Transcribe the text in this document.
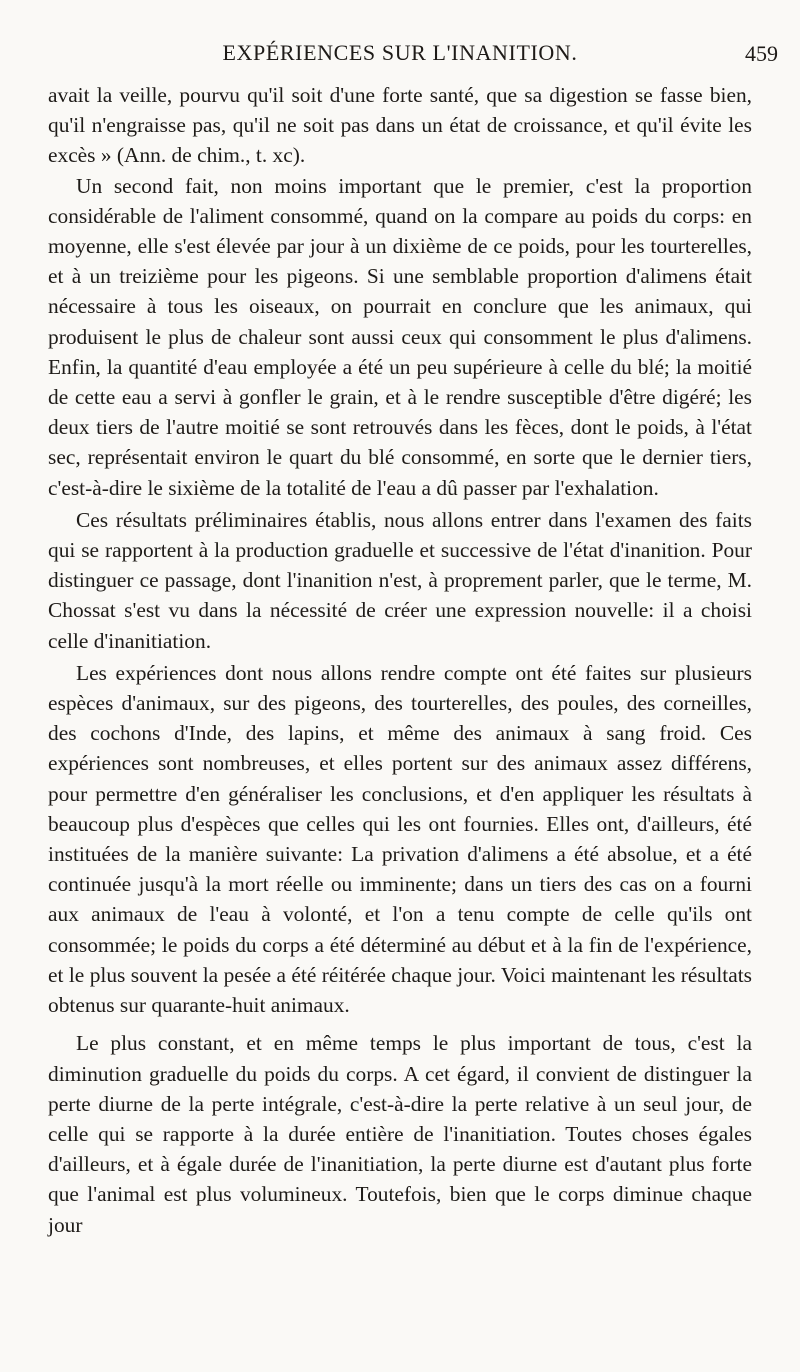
EXPÉRIENCES SUR L'INANITION.	459

avait la veille, pourvu qu'il soit d'une forte santé, que sa digestion se fasse bien, qu'il n'engraisse pas, qu'il ne soit pas dans un état de croissance, et qu'il évite les excès » (Ann. de chim., t. xc).

Un second fait, non moins important que le premier, c'est la proportion considérable de l'aliment consommé, quand on la compare au poids du corps: en moyenne, elle s'est élevée par jour à un dixième de ce poids, pour les tourterelles, et à un treizième pour les pigeons. Si une semblable proportion d'alimens était nécessaire à tous les oiseaux, on pourrait en conclure que les animaux, qui produisent le plus de chaleur sont aussi ceux qui consomment le plus d'alimens. Enfin, la quantité d'eau employée a été un peu supérieure à celle du blé; la moitié de cette eau a servi à gonfler le grain, et à le rendre susceptible d'être digéré; les deux tiers de l'autre moitié se sont retrouvés dans les fèces, dont le poids, à l'état sec, représentait environ le quart du blé consommé, en sorte que le dernier tiers, c'est-à-dire le sixième de la totalité de l'eau a dû passer par l'exhalation.

Ces résultats préliminaires établis, nous allons entrer dans l'examen des faits qui se rapportent à la production graduelle et successive de l'état d'inanition. Pour distinguer ce passage, dont l'inanition n'est, à proprement parler, que le terme, M. Chossat s'est vu dans la nécessité de créer une expression nouvelle: il a choisi celle d'inanitiation.

Les expériences dont nous allons rendre compte ont été faites sur plusieurs espèces d'animaux, sur des pigeons, des tourterelles, des poules, des corneilles, des cochons d'Inde, des lapins, et même des animaux à sang froid. Ces expériences sont nombreuses, et elles portent sur des animaux assez différens, pour permettre d'en généraliser les conclusions, et d'en appliquer les résultats à beaucoup plus d'espèces que celles qui les ont fournies. Elles ont, d'ailleurs, été instituées de la manière suivante: La privation d'alimens a été absolue, et a été continuée jusqu'à la mort réelle ou imminente; dans un tiers des cas on a fourni aux animaux de l'eau à volonté, et l'on a tenu compte de celle qu'ils ont consommée; le poids du corps a été déterminé au début et à la fin de l'expérience, et le plus souvent la pesée a été réitérée chaque jour. Voici maintenant les résultats obtenus sur quarante-huit animaux.

Le plus constant, et en même temps le plus important de tous, c'est la diminution graduelle du poids du corps. A cet égard, il convient de distinguer la perte diurne de la perte intégrale, c'est-à-dire la perte relative à un seul jour, de celle qui se rapporte à la durée entière de l'inanitiation. Toutes choses égales d'ailleurs, et à égale durée de l'inanitiation, la perte diurne est d'autant plus forte que l'animal est plus volumineux. Toutefois, bien que le corps diminue chaque jour
